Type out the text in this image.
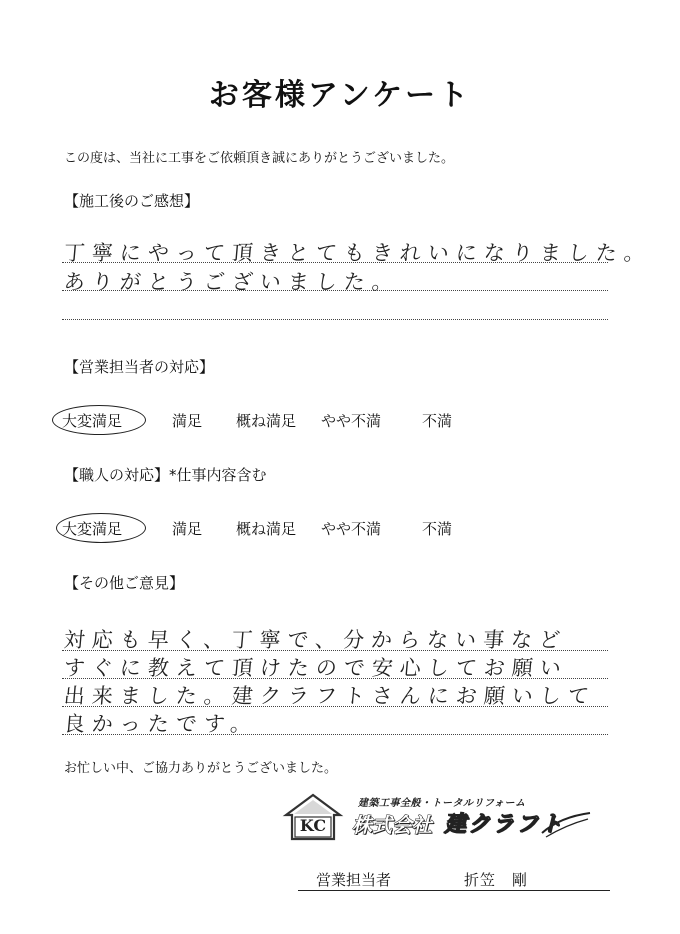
お客様アンケート
この度は、当社に工事をご依頼頂き誠にありがとうございました。
【施工後のご感想】
丁寧にやって頂きとてもきれいになりました。
ありがとうございました。
【営業担当者の対応】
大変満足	満足 概ね満足 やや不満	不満
【職人の対応】*仕事内容含む
大変満足	満足 概ね満足 やや不満	不満
【その他ご意見】
対応も早く、丁寧で、分からない事など
すぐに教えて頂けたので安心してお願い
出来ました。建クラフトさんにお願いして
良かったです。
お忙しい中、ご協力ありがとうございました。
KC
建築工事全般・トータルリフォーム
株式会社 建クラフト
営業担当者	折笠　剛
